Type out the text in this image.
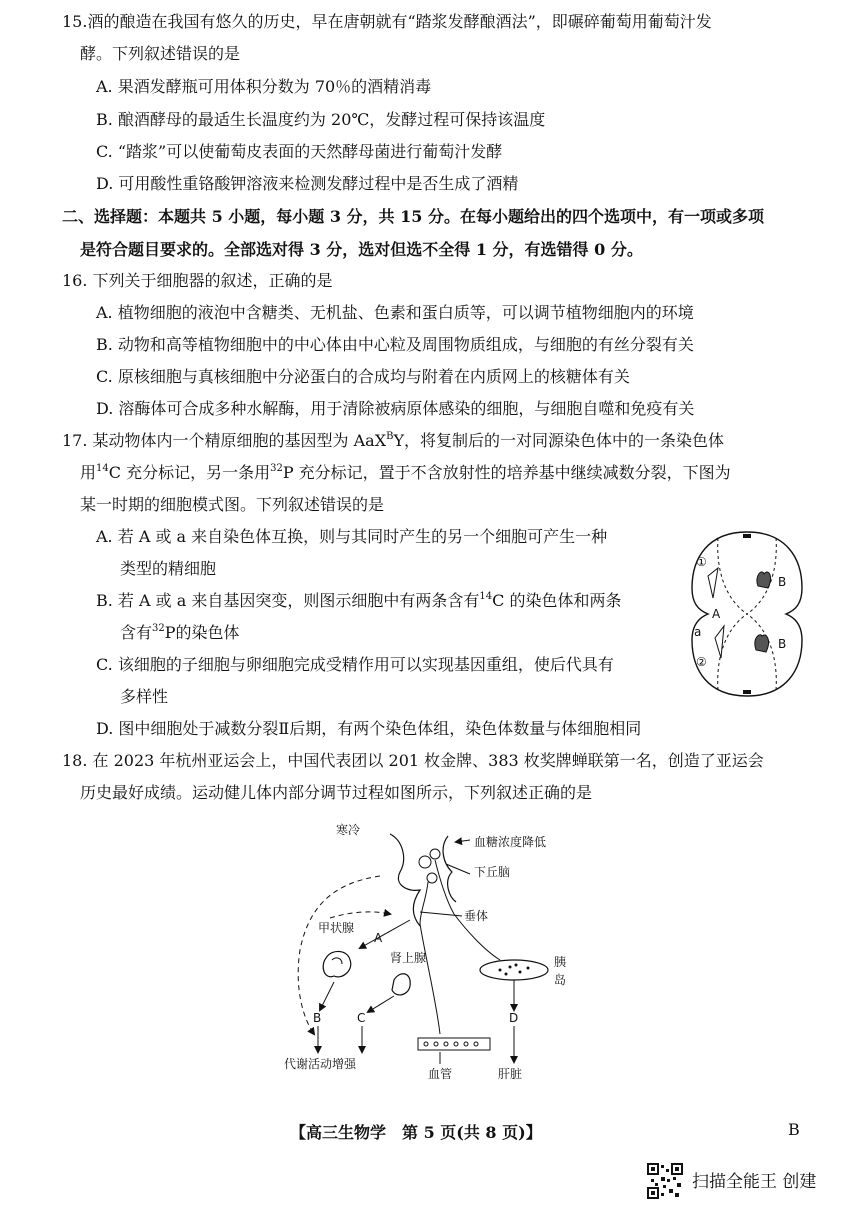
15.酒的酿造在我国有悠久的历史，早在唐朝就有“踏浆发酵酿酒法”，即碾碎葡萄用葡萄汁发
酵。下列叙述错误的是
A. 果酒发酵瓶可用体积分数为 70％的酒精消毒
B. 酿酒酵母的最适生长温度约为 20℃，发酵过程可保持该温度
C. “踏浆”可以使葡萄皮表面的天然酵母菌进行葡萄汁发酵
D. 可用酸性重铬酸钾溶液来检测发酵过程中是否生成了酒精
二、选择题：本题共 5 小题，每小题 3 分，共 15 分。在每小题给出的四个选项中，有一项或多项
是符合题目要求的。全部选对得 3 分，选对但选不全得 1 分，有选错得 0 分。
16. 下列关于细胞器的叙述，正确的是
A. 植物细胞的液泡中含糖类、无机盐、色素和蛋白质等，可以调节植物细胞内的环境
B. 动物和高等植物细胞中的中心体由中心粒及周围物质组成，与细胞的有丝分裂有关
C. 原核细胞与真核细胞中分泌蛋白的合成均与附着在内质网上的核糖体有关
D. 溶酶体可合成多种水解酶，用于清除被病原体感染的细胞，与细胞自噬和免疫有关
17. 某动物体内一个精原细胞的基因型为 AaX$^B$Y，将复制后的一对同源染色体中的一条染色体
用$^{14}$C 充分标记，另一条用$^{32}$P 充分标记，置于不含放射性的培养基中继续减数分裂，下图为
某一时期的细胞模式图。下列叙述错误的是
A. 若 A 或 a 来自染色体互换，则与其同时产生的另一个细胞可产生一种
类型的精细胞
B. 若 A 或 a 来自基因突变，则图示细胞中有两条含有$^{14}$C 的染色体和两条
含有$^{32}$P的染色体
C. 该细胞的子细胞与卵细胞完成受精作用可以实现基因重组，使后代具有
多样性
D. 图中细胞处于减数分裂Ⅱ后期，有两个染色体组，染色体数量与体细胞相同
①
②
A
a
B
B
18. 在 2023 年杭州亚运会上，中国代表团以 201 枚金牌、383 枚奖牌蝉联第一名，创造了亚运会
历史最好成绩。运动健儿体内部分调节过程如图所示，下列叙述正确的是
寒冷
血糖浓度降低
下丘脑
垂体
甲状腺
A
肾上腺	胰
岛
B	C	D
代谢活动增强
血管	肝脏
【高三生物学　第 5 页(共 8 页)】	B
扫描全能王 创建
